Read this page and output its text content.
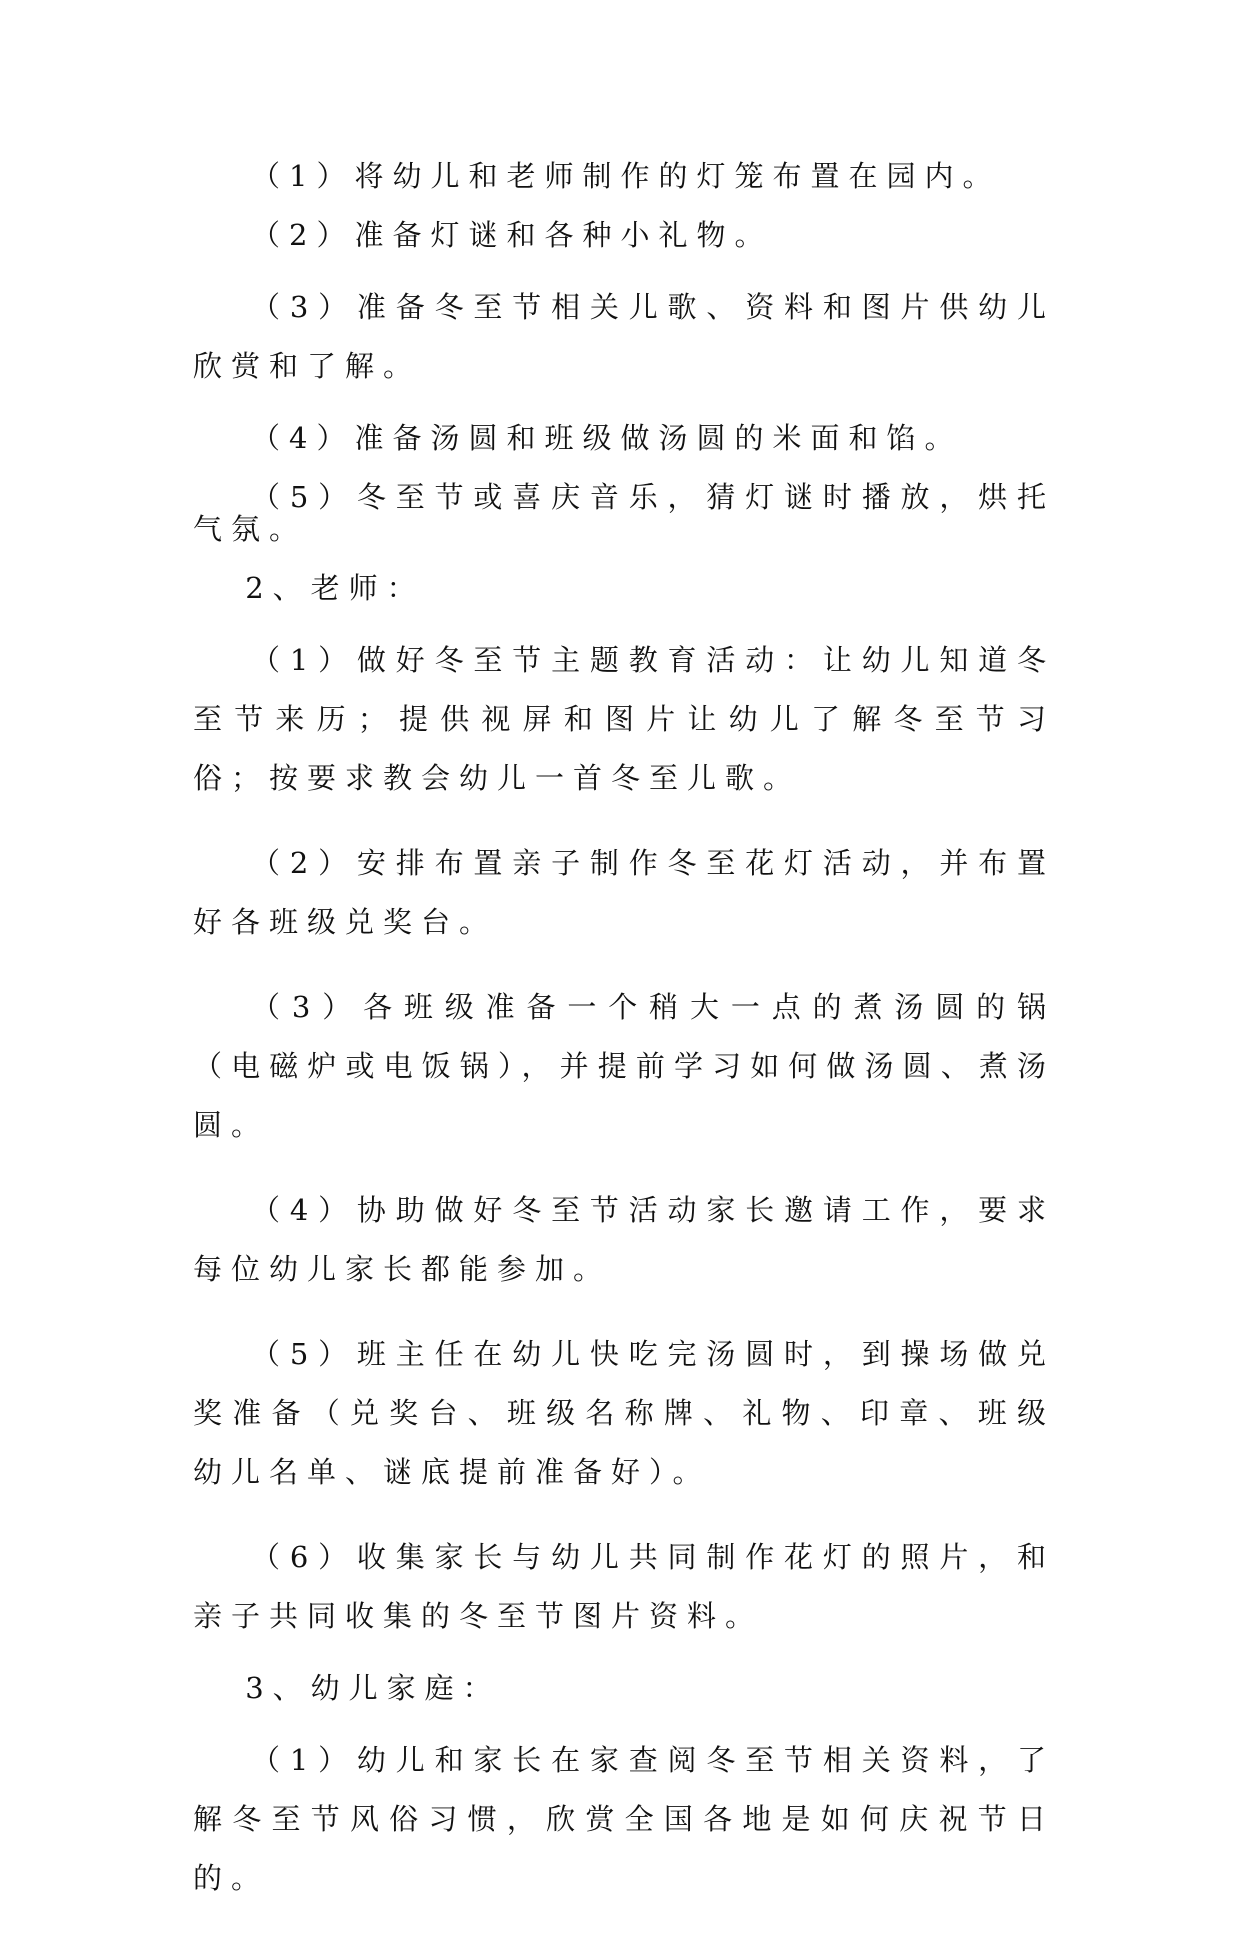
（1）将幼儿和老师制作的灯笼布置在园内。

（2）准备灯谜和各种小礼物。

（3）准备冬至节相关儿歌、资料和图片供幼儿欣赏和了解。

（4）准备汤圆和班级做汤圆的米面和馅。

（5）冬至节或喜庆音乐，猜灯谜时播放，烘托气氛。

2、老师：

（1）做好冬至节主题教育活动：让幼儿知道冬至节来历；提供视屏和图片让幼儿了解冬至节习俗；按要求教会幼儿一首冬至儿歌。

（2）安排布置亲子制作冬至花灯活动，并布置好各班级兑奖台。

（3）各班级准备一个稍大一点的煮汤圆的锅（电磁炉或电饭锅），并提前学习如何做汤圆、煮汤圆。

（4）协助做好冬至节活动家长邀请工作，要求每位幼儿家长都能参加。

（5）班主任在幼儿快吃完汤圆时，到操场做兑奖准备（兑奖台、班级名称牌、礼物、印章、班级幼儿名单、谜底提前准备好）。

（6）收集家长与幼儿共同制作花灯的照片，和亲子共同收集的冬至节图片资料。

3、幼儿家庭：

（1）幼儿和家长在家查阅冬至节相关资料，了解冬至节风俗习惯，欣赏全国各地是如何庆祝节日的。
